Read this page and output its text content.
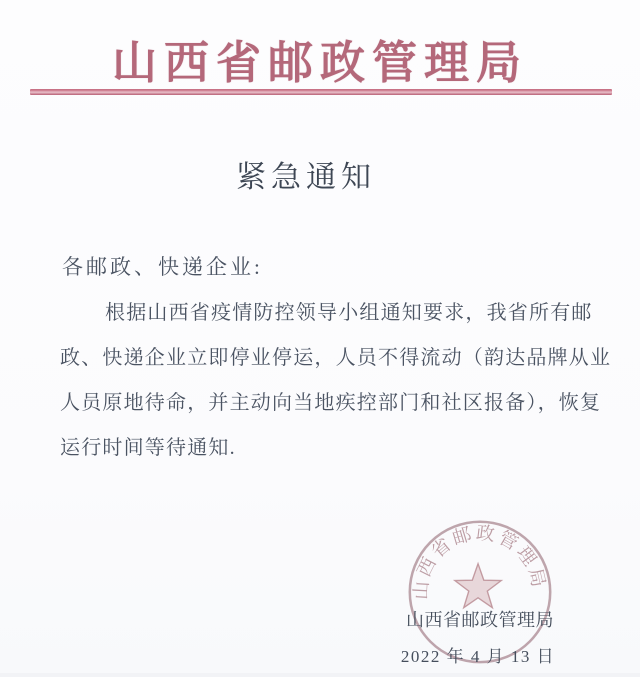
山西省邮政管理局
紧急通知
各邮政、快递企业:
根据山西省疫情防控领导小组通知要求，我省所有邮
政、快递企业立即停业停运，人员不得流动（韵达品牌从业
人员原地待命，并主动向当地疾控部门和社区报备），恢复
运行时间等待通知.
山西省邮政管理局
山西省邮政管理局
2022 年 4 月 13 日
